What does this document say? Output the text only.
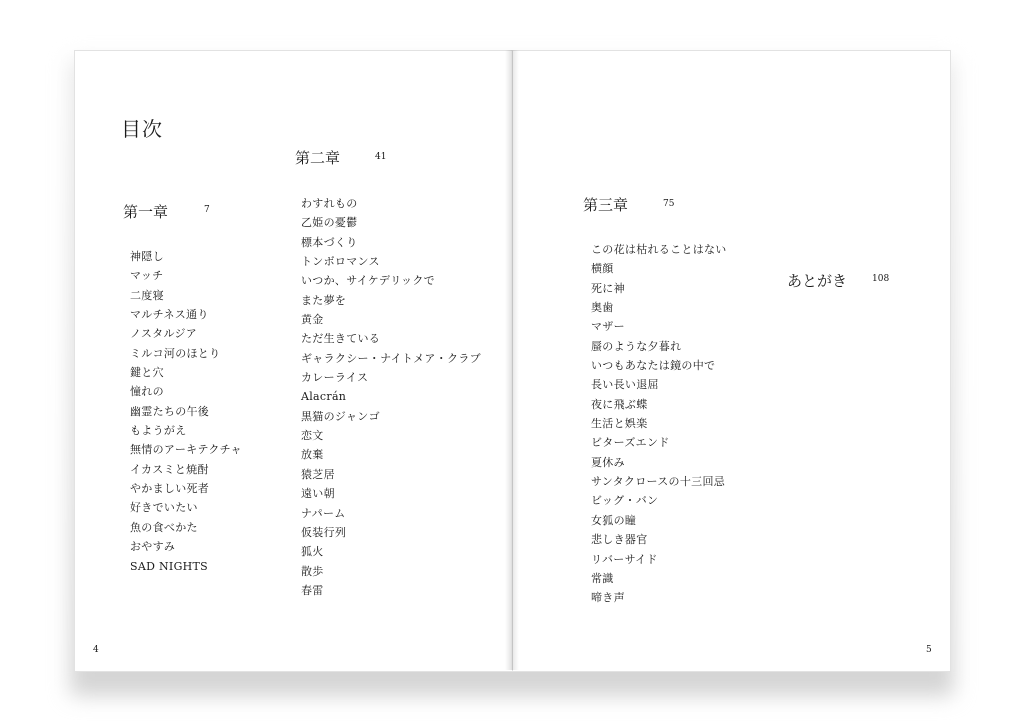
目次
第一章	7
神隠し
マッチ
二度寝
マルチネス通り
ノスタルジア
ミルコ河のほとり
鍵と穴
憧れの
幽霊たちの午後
もようがえ
無情のアーキテクチャ
イカスミと焼酎
やかましい死者
好きでいたい
魚の食べかた
おやすみ
SAD NIGHTS
第二章	41
わすれもの
乙姫の憂鬱
標本づくり
トンボロマンス
いつか、サイケデリックで
また夢を
黄金
ただ生きている
ギャラクシー・ナイトメア・クラブ
カレーライス
Alacrán
黒猫のジャンゴ
恋文
放棄
猿芝居
遠い朝
ナパーム
仮装行列
狐火
散歩
春雷
4
第三章	75
この花は枯れることはない
横顔
死に神
奥歯
マザー
蜃のような夕暮れ
いつもあなたは鏡の中で
長い長い退屈
夜に飛ぶ蝶
生活と娯楽
ビターズエンド
夏休み
サンタクロースの十三回忌
ビッグ・バン
女狐の瞳
悲しき器官
リバーサイド
常識
啼き声
あとがき	108
5
